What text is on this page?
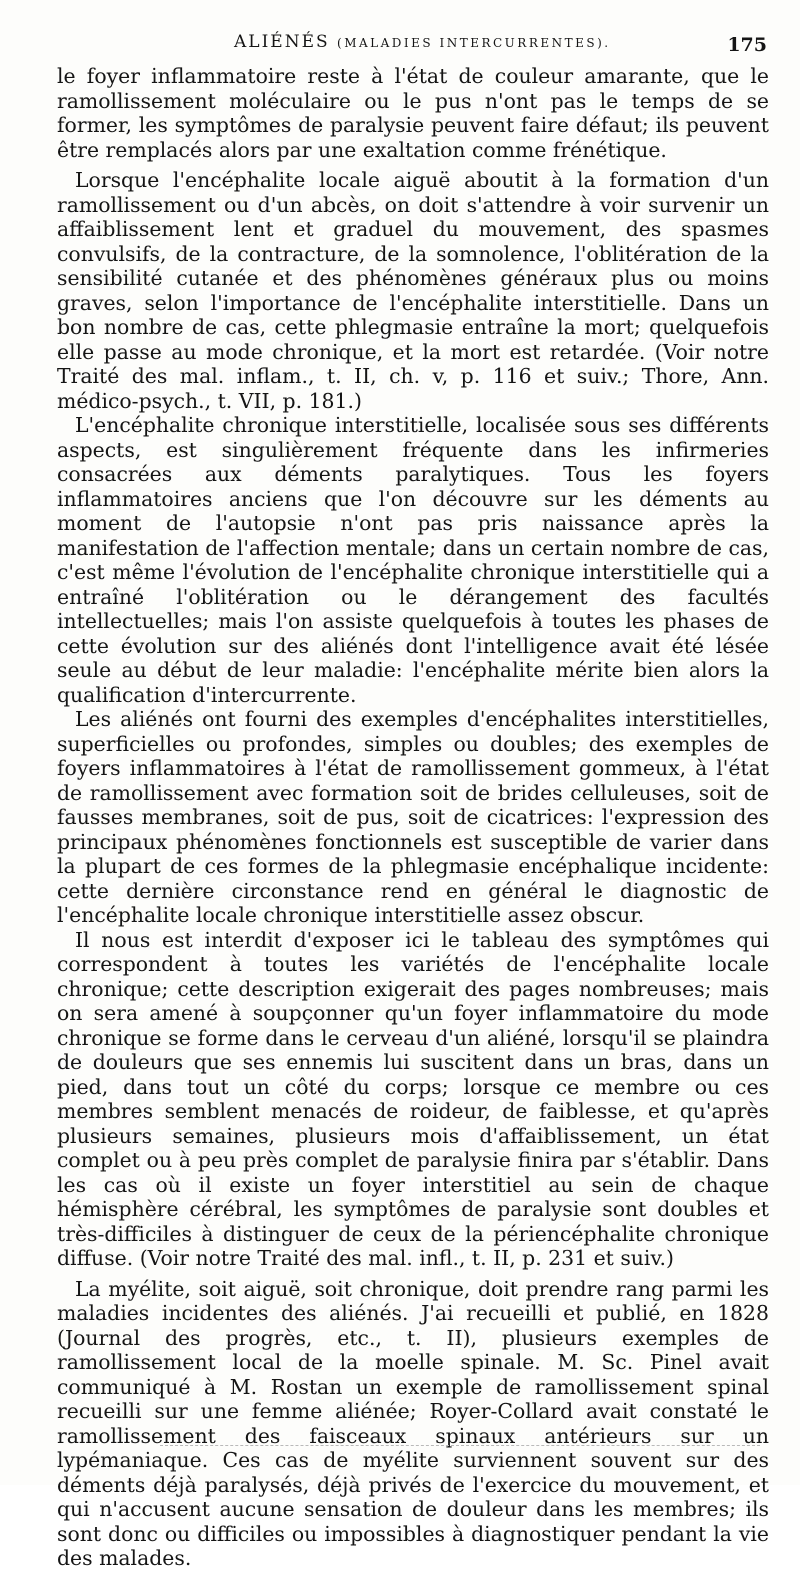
ALIÉNÉS (MALADIES INTERCURRENTES).	175

le foyer inflammatoire reste à l'état de couleur amarante, que le ramollissement moléculaire ou le pus n'ont pas le temps de se former, les symptômes de paralysie peuvent faire défaut; ils peuvent être remplacés alors par une exaltation comme frénétique.

Lorsque l'encéphalite locale aiguë aboutit à la formation d'un ramollissement ou d'un abcès, on doit s'attendre à voir survenir un affaiblissement lent et graduel du mouvement, des spasmes convulsifs, de la contracture, de la somnolence, l'oblitération de la sensibilité cutanée et des phénomènes généraux plus ou moins graves, selon l'importance de l'encéphalite interstitielle. Dans un bon nombre de cas, cette phlegmasie entraîne la mort; quelquefois elle passe au mode chronique, et la mort est retardée. (Voir notre Traité des mal. inflam., t. II, ch. v, p. 116 et suiv.; Thore, Ann. médico-psych., t. VII, p. 181.)

L'encéphalite chronique interstitielle, localisée sous ses différents aspects, est singulièrement fréquente dans les infirmeries consacrées aux déments paralytiques. Tous les foyers inflammatoires anciens que l'on découvre sur les déments au moment de l'autopsie n'ont pas pris naissance après la manifestation de l'affection mentale; dans un certain nombre de cas, c'est même l'évolution de l'encéphalite chronique interstitielle qui a entraîné l'oblitération ou le dérangement des facultés intellectuelles; mais l'on assiste quelquefois à toutes les phases de cette évolution sur des aliénés dont l'intelligence avait été lésée seule au début de leur maladie: l'encéphalite mérite bien alors la qualification d'intercurrente.

Les aliénés ont fourni des exemples d'encéphalites interstitielles, superficielles ou profondes, simples ou doubles; des exemples de foyers inflammatoires à l'état de ramollissement gommeux, à l'état de ramollissement avec formation soit de brides celluleuses, soit de fausses membranes, soit de pus, soit de cicatrices: l'expression des principaux phénomènes fonctionnels est susceptible de varier dans la plupart de ces formes de la phlegmasie encéphalique incidente: cette dernière circonstance rend en général le diagnostic de l'encéphalite locale chronique interstitielle assez obscur.

Il nous est interdit d'exposer ici le tableau des symptômes qui correspondent à toutes les variétés de l'encéphalite locale chronique; cette description exigerait des pages nombreuses; mais on sera amené à soupçonner qu'un foyer inflammatoire du mode chronique se forme dans le cerveau d'un aliéné, lorsqu'il se plaindra de douleurs que ses ennemis lui suscitent dans un bras, dans un pied, dans tout un côté du corps; lorsque ce membre ou ces membres semblent menacés de roideur, de faiblesse, et qu'après plusieurs semaines, plusieurs mois d'affaiblissement, un état complet ou à peu près complet de paralysie finira par s'établir. Dans les cas où il existe un foyer interstitiel au sein de chaque hémisphère cérébral, les symptômes de paralysie sont doubles et très-difficiles à distinguer de ceux de la périencéphalite chronique diffuse. (Voir notre Traité des mal. infl., t. II, p. 231 et suiv.)

La myélite, soit aiguë, soit chronique, doit prendre rang parmi les maladies incidentes des aliénés. J'ai recueilli et publié, en 1828 (Journal des progrès, etc., t. II), plusieurs exemples de ramollissement local de la moelle spinale. M. Sc. Pinel avait communiqué à M. Rostan un exemple de ramollissement spinal recueilli sur une femme aliénée; Royer-Collard avait constaté le ramollissement des faisceaux spinaux antérieurs sur un lypémaniaque. Ces cas de myélite surviennent souvent sur des déments déjà paralysés, déjà privés de l'exercice du mouvement, et qui n'accusent aucune sensation de douleur dans les membres; ils sont donc ou difficiles ou impossibles à diagnostiquer pendant la vie des malades.
